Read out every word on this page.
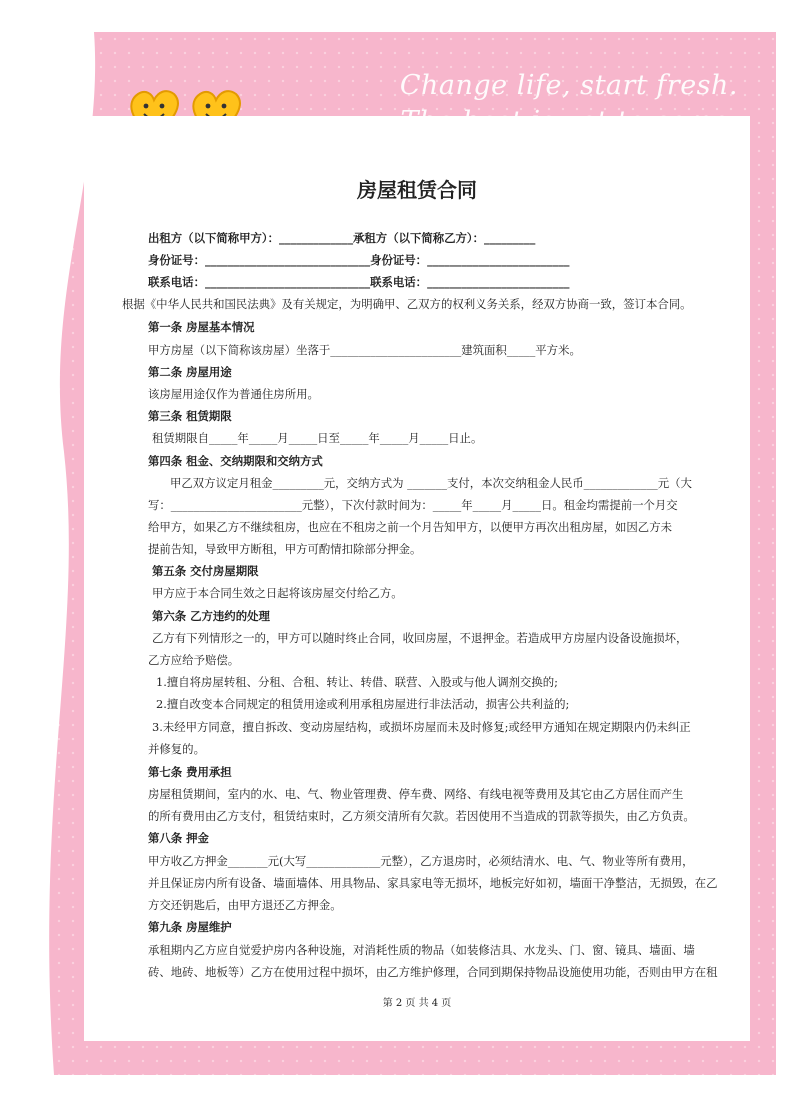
Change life, start fresh.
房屋租赁合同
出租方（以下简称甲方）：_____________承租方（以下简称乙方）：_________
身份证号：_____________________________身份证号：_________________________
联系电话：_____________________________联系电话：_________________________
根据《中华人民共和国民法典》及有关规定，为明确甲、乙双方的权利义务关系，经双方协商一致，签订本合同。
第一条 房屋基本情况
甲方房屋（以下简称该房屋）坐落于_______________________建筑面积_____平方米。
第二条 房屋用途
该房屋用途仅作为普通住房所用。
第三条 租赁期限
租赁期限自_____年_____月_____日至_____年_____月_____日止。
第四条 租金、交纳期限和交纳方式
甲乙双方议定月租金_________元，交纳方式为 _______支付，本次交纳租金人民币_____________元（大
写：_______________________元整），下次付款时间为：_____年_____月_____日。租金均需提前一个月交
给甲方，如果乙方不继续租房，也应在不租房之前一个月告知甲方，以便甲方再次出租房屋，如因乙方未
提前告知，导致甲方断租，甲方可酌情扣除部分押金。
第五条 交付房屋期限
甲方应于本合同生效之日起将该房屋交付给乙方。
第六条 乙方违约的处理
乙方有下列情形之一的，甲方可以随时终止合同，收回房屋，不退押金。若造成甲方房屋内设备设施损坏，
乙方应给予赔偿。
1.擅自将房屋转租、分租、合租、转让、转借、联营、入股或与他人调剂交换的;
2.擅自改变本合同规定的租赁用途或利用承租房屋进行非法活动，损害公共利益的;
3.未经甲方同意，擅自拆改、变动房屋结构，或损坏房屋而未及时修复;或经甲方通知在规定期限内仍未纠正
并修复的。
第七条 费用承担
房屋租赁期间，室内的水、电、气、物业管理费、停车费、网络、有线电视等费用及其它由乙方居住而产生
的所有费用由乙方支付，租赁结束时，乙方须交清所有欠款。若因使用不当造成的罚款等损失，由乙方负责。
第八条 押金
甲方收乙方押金_______元(大写_____________元整），乙方退房时，必须结清水、电、气、物业等所有费用，
并且保证房内所有设备、墙面墙体、用具物品、家具家电等无损坏，地板完好如初，墙面干净整洁，无损毁，在乙
方交还钥匙后，由甲方退还乙方押金。
第九条 房屋维护
承租期内乙方应自觉爱护房内各种设施，对消耗性质的物品（如装修洁具、水龙头、门、窗、镜具、墙面、墙
砖、地砖、地板等）乙方在使用过程中损坏，由乙方维护修理，合同到期保持物品设施使用功能，否则由甲方在租
第 2 页 共 4 页
